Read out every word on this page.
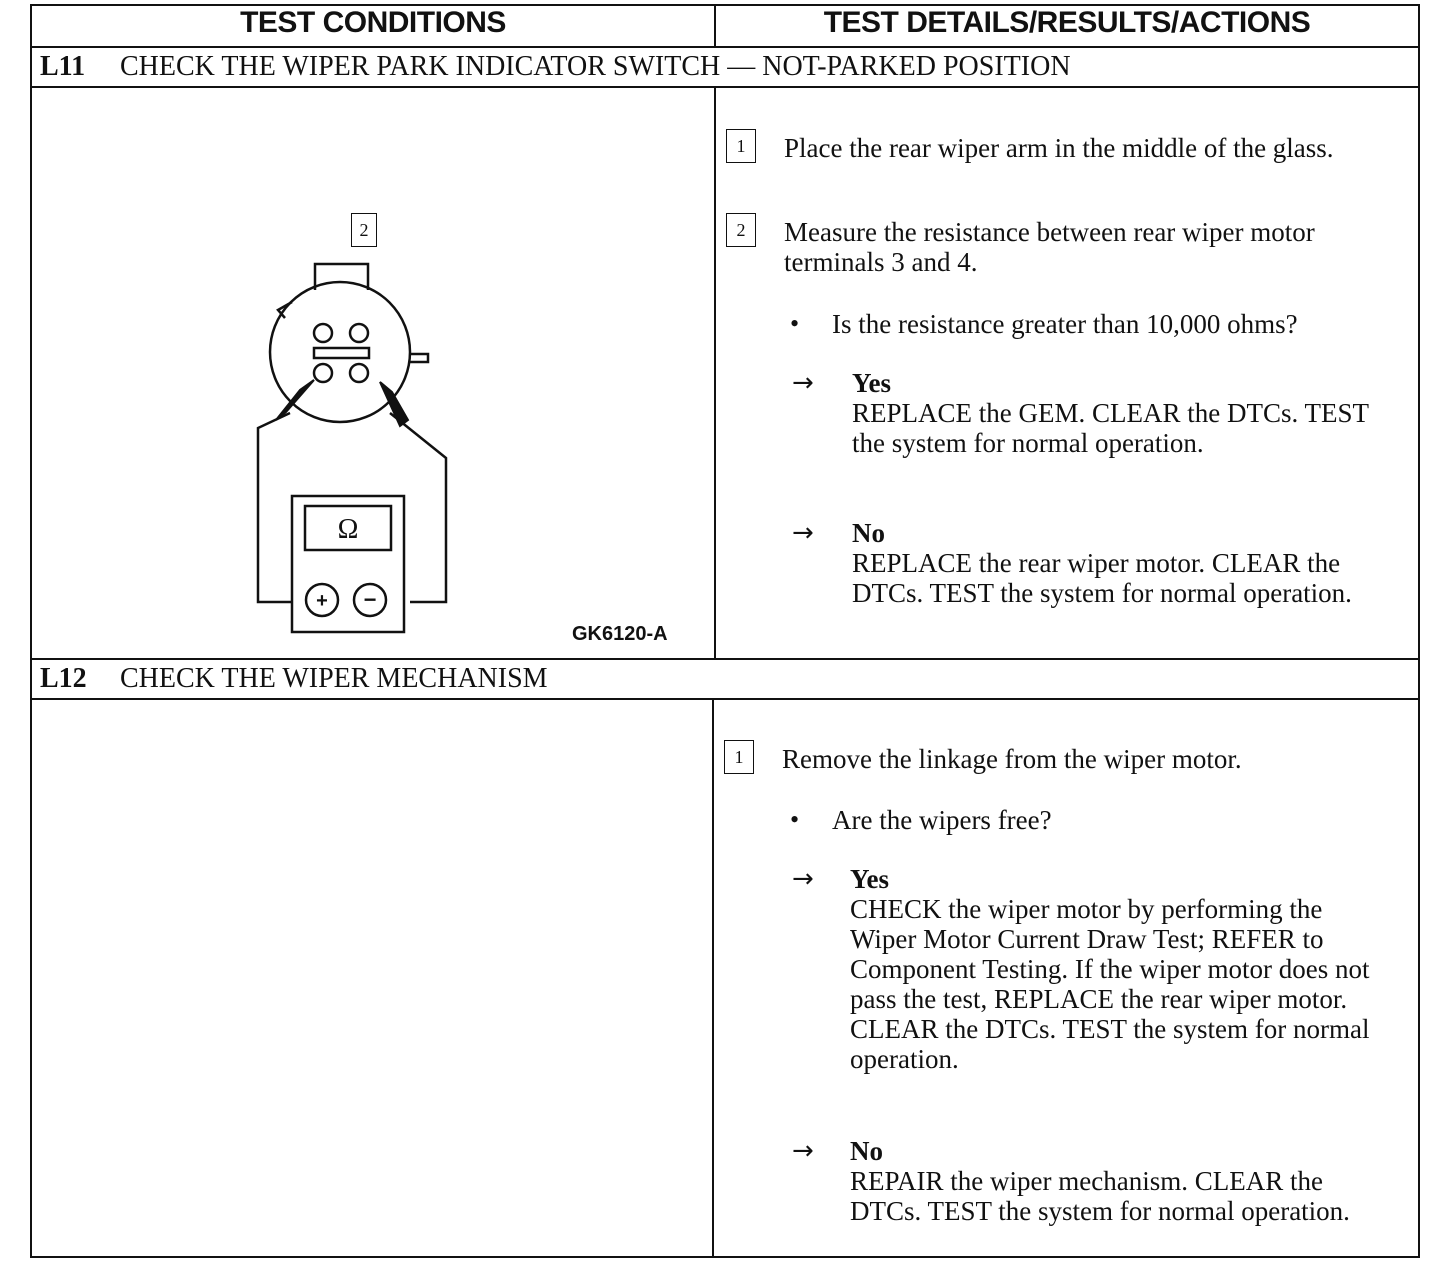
TEST CONDITIONS	TEST DETAILS/RESULTS/ACTIONS
L11 CHECK THE WIPER PARK INDICATOR SWITCH — NOT-PARKED POSITION
2
Ω
+ −
GK6120-A
1	Place the rear wiper arm in the middle of the glass.
2	Measure the resistance between rear wiper motor terminals 3 and 4.
• Is the resistance greater than 10,000 ohms?
→ Yes
REPLACE the GEM. CLEAR the DTCs. TEST the system for normal operation.
→ No
REPLACE the rear wiper motor. CLEAR the DTCs. TEST the system for normal operation.
L12 CHECK THE WIPER MECHANISM
1	Remove the linkage from the wiper motor.
• Are the wipers free?
→ Yes
CHECK the wiper motor by performing the Wiper Motor Current Draw Test; REFER to Component Testing. If the wiper motor does not pass the test, REPLACE the rear wiper motor. CLEAR the DTCs. TEST the system for normal operation.
→ No
REPAIR the wiper mechanism. CLEAR the DTCs. TEST the system for normal operation.
